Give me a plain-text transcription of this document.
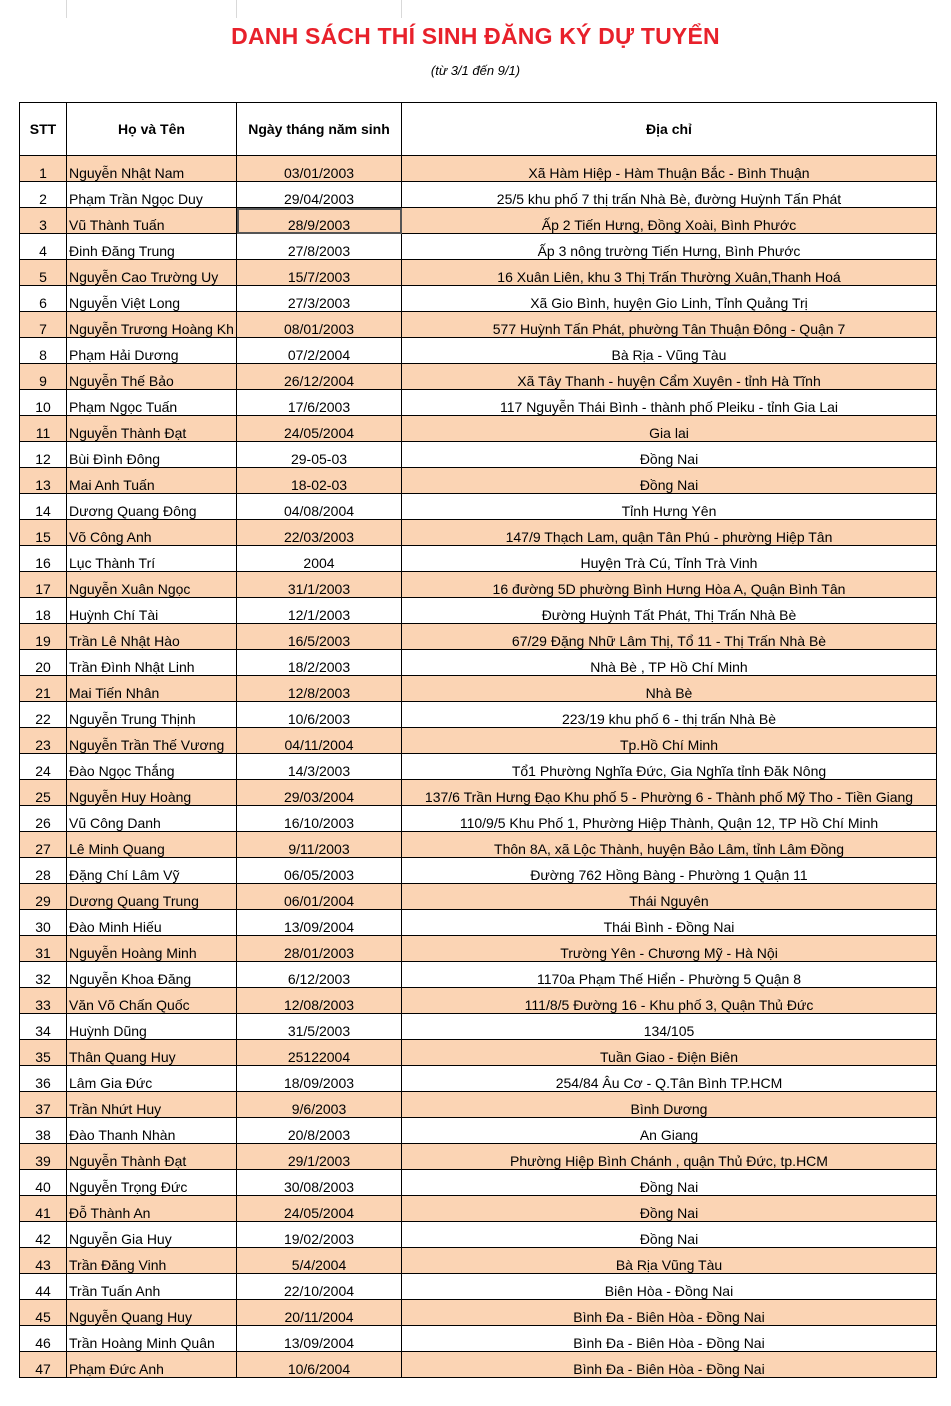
DANH SÁCH THÍ SINH ĐĂNG KÝ DỰ TUYỂN
(từ 3/1 đến 9/1)
STT	Họ và Tên	Ngày tháng năm sinh	Địa chỉ
1	Nguyễn Nhật Nam	03/01/2003	Xã Hàm Hiệp - Hàm Thuận Bắc - Bình Thuận
2	Phạm Trần Ngọc Duy	29/04/2003	25/5 khu phố 7 thị trấn Nhà Bè, đường Huỳnh Tấn Phát
3	Vũ Thành Tuấn	28/9/2003	Ấp 2 Tiến Hưng, Đồng Xoài, Bình Phước
4	Đinh Đăng Trung	27/8/2003	Ấp 3 nông trường Tiến Hưng, Bình Phước
5	Nguyễn Cao Trường Uy	15/7/2003	16 Xuân Liên, khu 3 Thị Trấn Thường Xuân,Thanh Hoá
6	Nguyễn Việt Long	27/3/2003	Xã Gio Bình, huyện Gio Linh, Tỉnh Quảng Trị
7	Nguyễn Trương Hoàng Kh	08/01/2003	577 Huỳnh Tấn Phát, phường Tân Thuận Đông - Quận 7
8	Phạm Hải Dương	07/2/2004	Bà Rịa - Vũng Tàu
9	Nguyễn Thế Bảo	26/12/2004	Xã Tây Thanh - huyện Cẩm Xuyên - tỉnh Hà Tĩnh
10	Phạm Ngọc Tuấn	17/6/2003	117 Nguyễn Thái Bình - thành phố Pleiku - tỉnh Gia Lai
11	Nguyễn Thành Đạt	24/05/2004	Gia lai
12	Bùi Đình Đông	29-05-03	Đồng Nai
13	Mai Anh Tuấn	18-02-03	Đồng Nai
14	Dương Quang Đông	04/08/2004	Tỉnh Hưng Yên
15	Võ Công Anh	22/03/2003	147/9 Thạch Lam, quận Tân Phú - phường Hiệp Tân
16	Lục Thành Trí	2004	Huyện Trà Cú, Tỉnh Trà Vinh
17	Nguyễn Xuân Ngọc	31/1/2003	16 đường 5D phường Bình Hưng Hòa A, Quận Bình Tân
18	Huỳnh Chí Tài	12/1/2003	Đường Huỳnh Tất Phát, Thị Trấn Nhà Bè
19	Trần Lê Nhật Hào	16/5/2003	67/29 Đặng Nhữ Lâm Thị, Tổ 11 - Thị Trấn Nhà Bè
20	Trần Đình Nhật Linh	18/2/2003	Nhà Bè , TP Hồ Chí Minh
21	Mai Tiến Nhân	12/8/2003	Nhà Bè
22	Nguyễn Trung Thịnh	10/6/2003	223/19 khu phố 6 - thị trấn Nhà Bè
23	Nguyễn Trần Thế Vương	04/11/2004	Tp.Hồ Chí Minh
24	Đào Ngọc Thắng	14/3/2003	Tổ1 Phường Nghĩa Đức, Gia Nghĩa tỉnh Đăk Nông
25	Nguyễn Huy Hoàng	29/03/2004	137/6 Trần Hưng Đạo Khu phố 5 - Phường 6 - Thành phố Mỹ Tho - Tiền Giang
26	Vũ Công Danh	16/10/2003	110/9/5 Khu Phố 1, Phường Hiệp Thành, Quận 12, TP Hồ Chí Minh
27	Lê Minh Quang	9/11/2003	Thôn 8A, xã Lộc Thành, huyện Bảo Lâm, tỉnh Lâm Đồng
28	Đặng Chí Lâm Vỹ	06/05/2003	Đường 762 Hồng Bàng - Phường 1 Quận 11
29	Dương Quang Trung	06/01/2004	Thái Nguyên
30	Đào Minh Hiếu	13/09/2004	Thái Bình - Đồng Nai
31	Nguyễn Hoàng Minh	28/01/2003	Trường Yên - Chương Mỹ - Hà Nội
32	Nguyễn Khoa Đăng	6/12/2003	1170a Phạm Thế Hiển - Phường 5 Quận 8
33	Văn Võ Chấn Quốc	12/08/2003	111/8/5 Đường 16 - Khu phố 3, Quận Thủ Đức
34	Huỳnh Dũng	31/5/2003	134/105
35	Thân Quang Huy	25122004	Tuần Giao - Điện Biên
36	Lâm Gia Đức	18/09/2003	254/84 Âu Cơ - Q.Tân Bình TP.HCM
37	Trần Nhứt Huy	9/6/2003	Bình Dương
38	Đào Thanh Nhàn	20/8/2003	An Giang
39	Nguyễn Thành Đạt	29/1/2003	Phường Hiệp Bình Chánh , quận Thủ Đức, tp.HCM
40	Nguyễn Trọng Đức	30/08/2003	Đồng Nai
41	Đỗ Thành An	24/05/2004	Đồng Nai
42	Nguyễn Gia Huy	19/02/2003	Đồng Nai
43	Trần Đăng Vinh	5/4/2004	Bà Rịa Vũng Tàu
44	Trần Tuấn Anh	22/10/2004	Biên Hòa - Đồng Nai
45	Nguyễn Quang Huy	20/11/2004	Bình Đa - Biên Hòa - Đồng Nai
46	Trần Hoàng Minh Quân	13/09/2004	Bình Đa - Biên Hòa - Đồng Nai
47	Phạm Đức Anh	10/6/2004	Bình Đa - Biên Hòa - Đồng Nai
